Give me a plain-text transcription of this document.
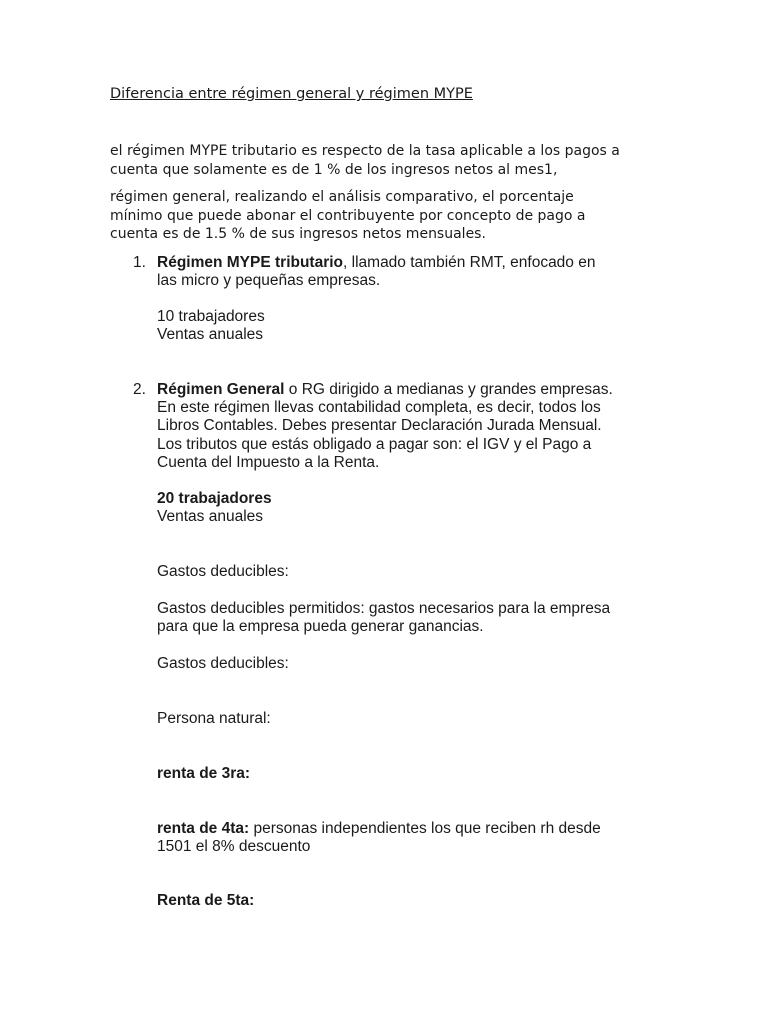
Diferencia entre régimen general y régimen MYPE

el régimen MYPE tributario es respecto de la tasa aplicable a los pagos a
cuenta que solamente es de 1 % de los ingresos netos al mes1,

régimen general, realizando el análisis comparativo, el porcentaje
mínimo que puede abonar el contribuyente por concepto de pago a
cuenta es de 1.5 % de sus ingresos netos mensuales.

1. Régimen MYPE tributario, llamado también RMT, enfocado en
las micro y pequeñas empresas.
10 trabajadores
Ventas anuales
2. Régimen General o RG dirigido a medianas y grandes empresas.
En este régimen llevas contabilidad completa, es decir, todos los
Libros Contables. Debes presentar Declaración Jurada Mensual.
Los tributos que estás obligado a pagar son: el IGV y el Pago a
Cuenta del Impuesto a la Renta.
20 trabajadores
Ventas anuales
Gastos deducibles:
Gastos deducibles permitidos: gastos necesarios para la empresa
para que la empresa pueda generar ganancias.
Gastos deducibles:
Persona natural:
renta de 3ra:
renta de 4ta: personas independientes los que reciben rh desde
1501 el 8% descuento
Renta de 5ta:
